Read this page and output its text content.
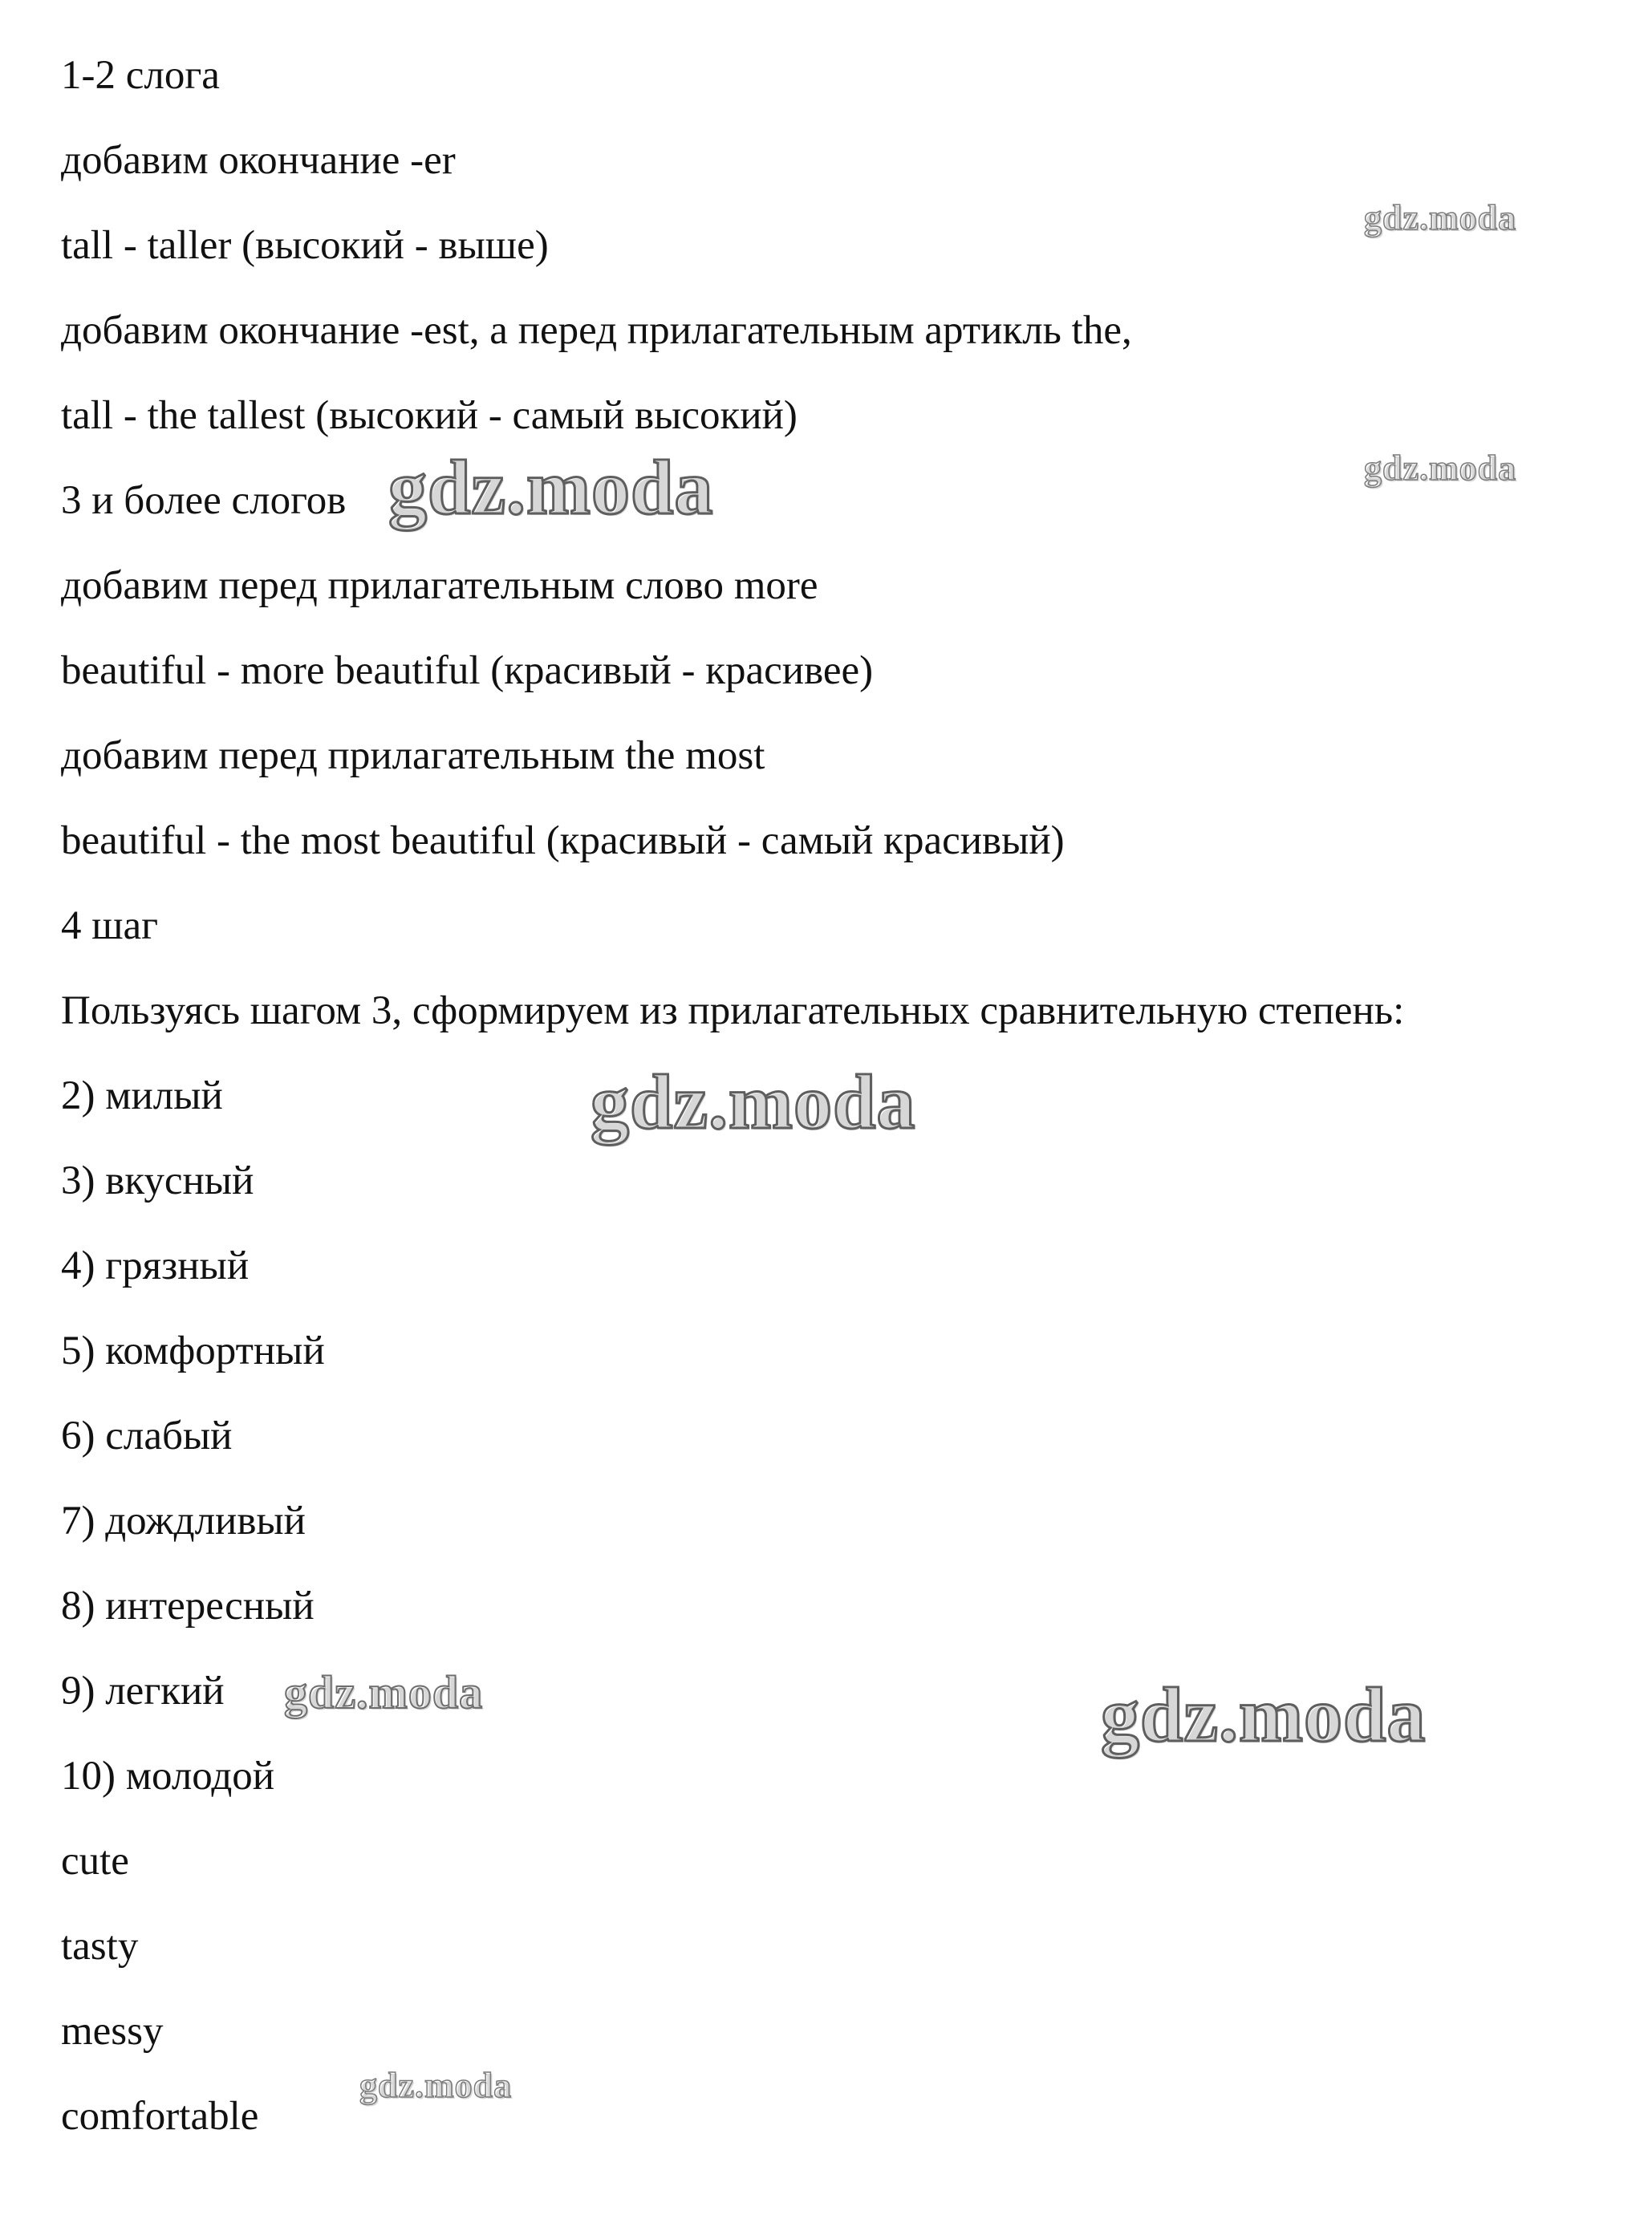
1-2 слога

добавим окончание -er

tall - taller (высокий - выше)

добавим окончание -est, а перед прилагательным артикль the,

tall - the tallest (высокий - самый высокий)

3 и более слогов

добавим перед прилагательным слово more

beautiful - more beautiful (красивый - красивее)

добавим перед прилагательным the most

beautiful - the most beautiful (красивый - самый красивый)

4 шаг

Пользуясь шагом 3, сформируем из прилагательных сравнительную степень:

2) милый

3) вкусный

4) грязный

5) комфортный

6) слабый

7) дождливый

8) интересный

9) легкий

10) молодой

cute

tasty

messy

comfortable

gdz.moda
gdz.moda
gdz.moda
gdz.moda
gdz.moda	gdz.moda
gdz.moda
